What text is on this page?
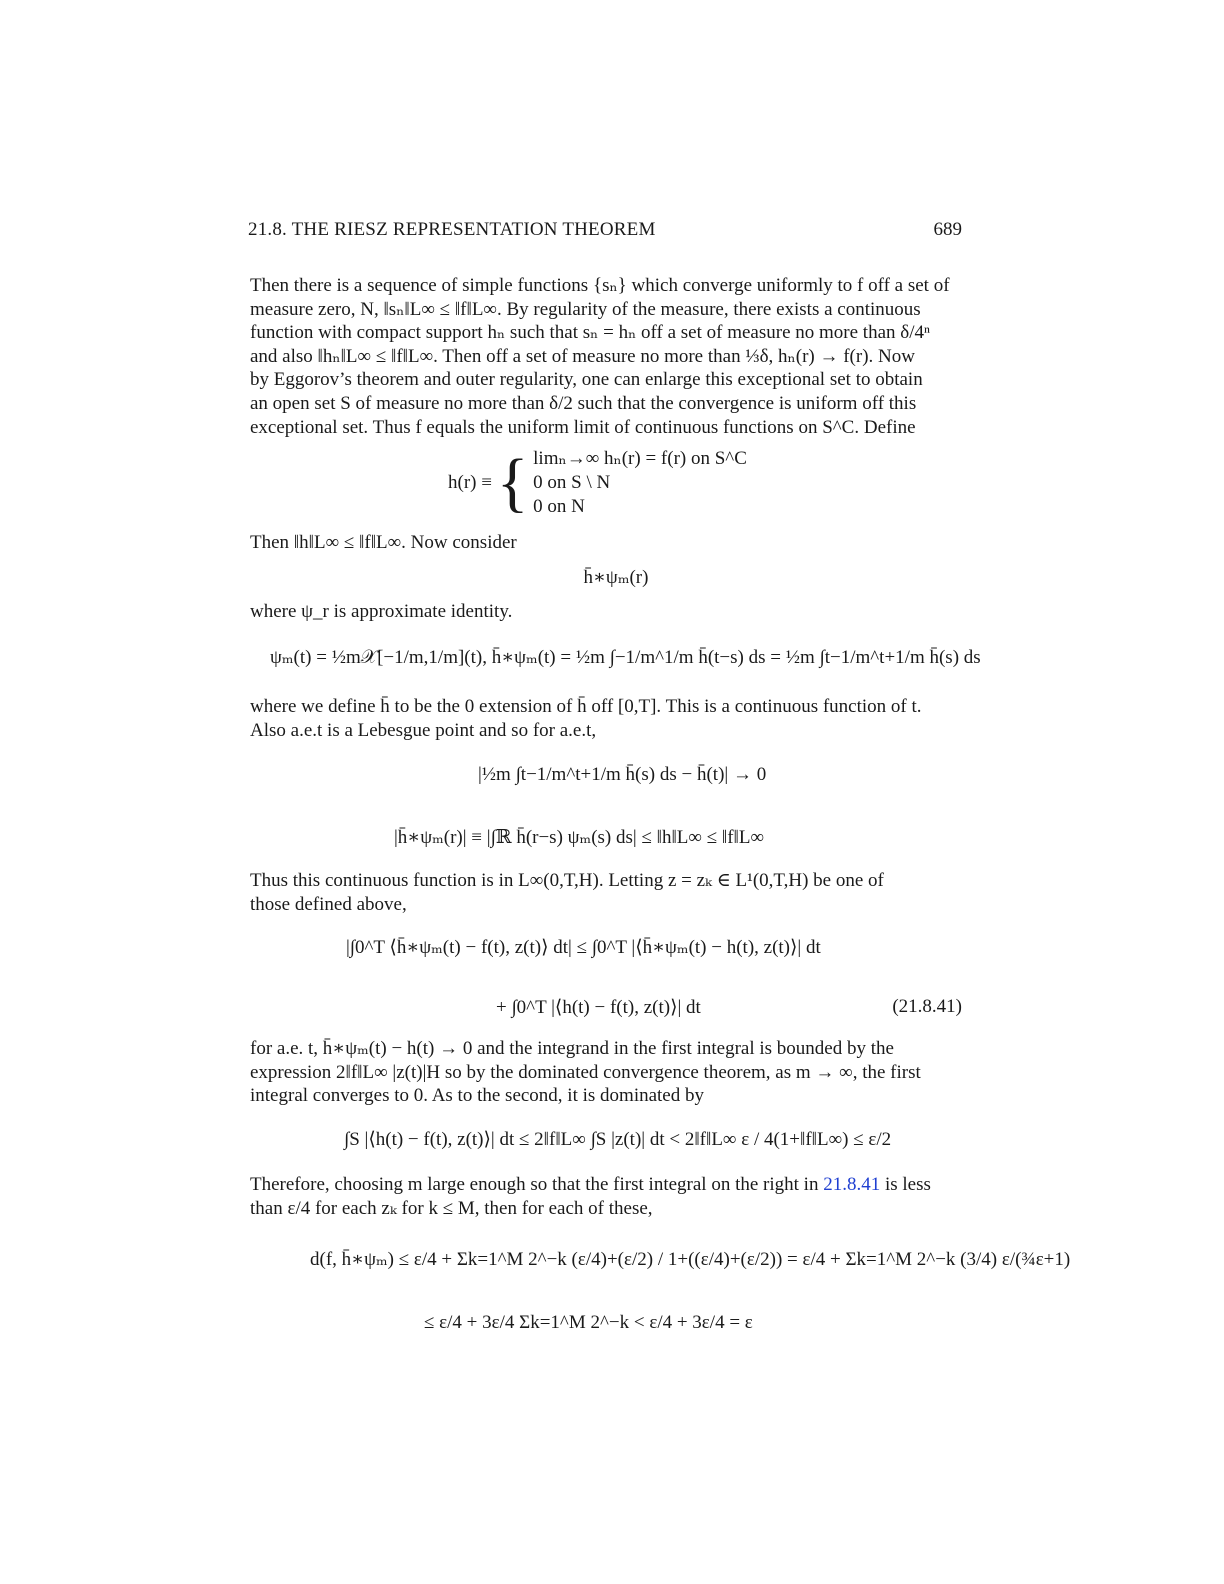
21.8. THE RIESZ REPRESENTATION THEOREM	689
Then there is a sequence of simple functions {sₙ} which converge uniformly to f off a set of
measure zero, N, ‖sₙ‖L∞ ≤ ‖f‖L∞. By regularity of the measure, there exists a continuous
function with compact support hₙ such that sₙ = hₙ off a set of measure no more than δ/4ⁿ
and also ‖hₙ‖L∞ ≤ ‖f‖L∞. Then off a set of measure no more than ⅓δ, hₙ(r) → f(r). Now
by Eggorov’s theorem and outer regularity, one can enlarge this exceptional set to obtain
an open set S of measure no more than δ/2 such that the convergence is uniform off this
exceptional set. Thus f equals the uniform limit of continuous functions on S^C. Define
h(r) ≡ { limₙ→∞ hₙ(r) = f(r) on S^C
0 on S \ N
0 on N
Then ‖h‖L∞ ≤ ‖f‖L∞. Now consider
h̄∗ψₘ(r)
where ψ_r is approximate identity.
ψₘ(t) = ½m𝒳[−1/m,1/m](t), h̄∗ψₘ(t) = ½m ∫−1/m^1/m h̄(t−s) ds = ½m ∫t−1/m^t+1/m h̄(s) ds
where we define h̄ to be the 0 extension of h̄ off [0,T]. This is a continuous function of t.
Also a.e.t is a Lebesgue point and so for a.e.t,
|½m ∫t−1/m^t+1/m h̄(s) ds − h̄(t)| → 0
|h̄∗ψₘ(r)| ≡ |∫ℝ h̄(r−s) ψₘ(s) ds| ≤ ‖h‖L∞ ≤ ‖f‖L∞
Thus this continuous function is in L∞(0,T,H). Letting z = zₖ ∈ L¹(0,T,H) be one of
those defined above,
|∫0^T ⟨h̄∗ψₘ(t) − f(t), z(t)⟩ dt| ≤ ∫0^T |⟨h̄∗ψₘ(t) − h(t), z(t)⟩| dt
+ ∫0^T |⟨h(t) − f(t), z(t)⟩| dt	(21.8.41)
for a.e. t, h̄∗ψₘ(t) − h(t) → 0 and the integrand in the first integral is bounded by the
expression 2‖f‖L∞ |z(t)|H so by the dominated convergence theorem, as m → ∞, the first
integral converges to 0. As to the second, it is dominated by
∫S |⟨h(t) − f(t), z(t)⟩| dt ≤ 2‖f‖L∞ ∫S |z(t)| dt < 2‖f‖L∞ ε / 4(1+‖f‖L∞) ≤ ε/2
Therefore, choosing m large enough so that the first integral on the right in 21.8.41 is less
than ε/4 for each zₖ for k ≤ M, then for each of these,
d(f, h̄∗ψₘ) ≤ ε/4 + Σk=1^M 2^−k (ε/4)+(ε/2) / 1+((ε/4)+(ε/2)) = ε/4 + Σk=1^M 2^−k (3/4) ε/(¾ε+1)
≤ ε/4 + 3ε/4 Σk=1^M 2^−k < ε/4 + 3ε/4 = ε
